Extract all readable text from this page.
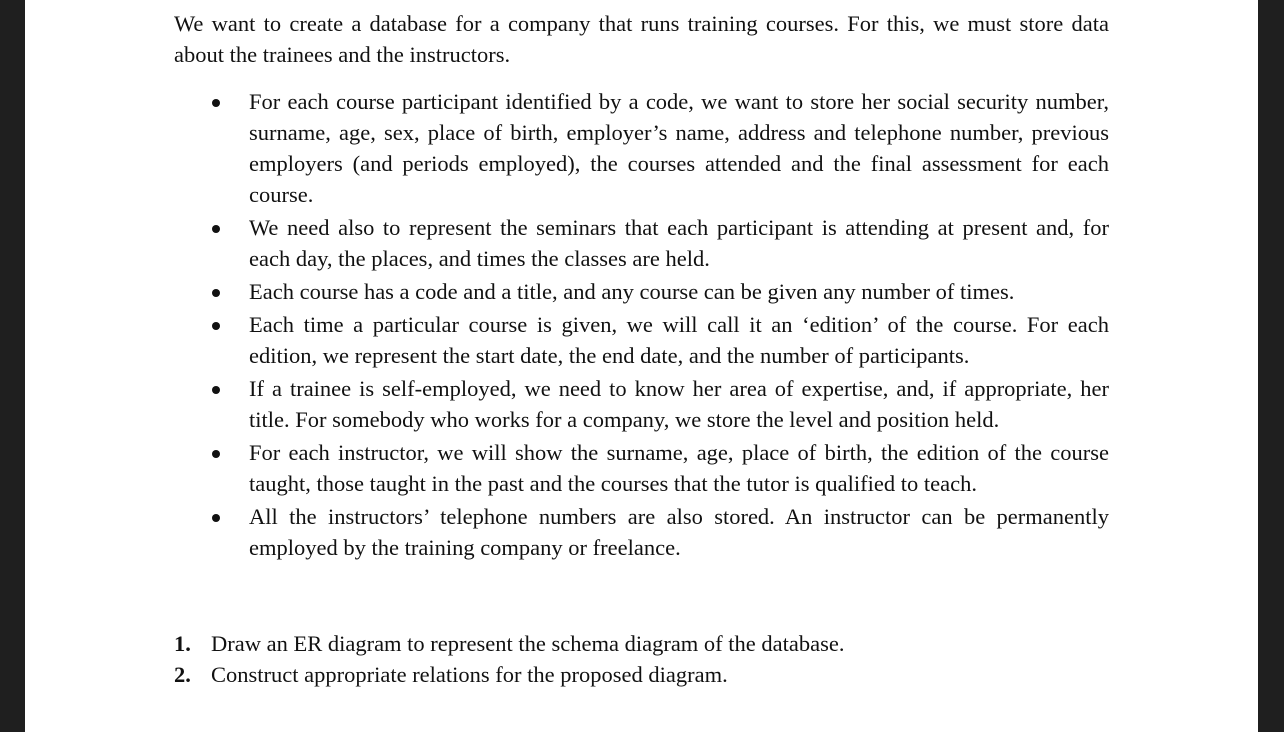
We want to create a database for a company that runs training courses. For this, we must store data about the trainees and the instructors.

For each course participant identified by a code, we want to store her social security number, surname, age, sex, place of birth, employer’s name, address and telephone number, previous employers (and periods employed), the courses attended and the final assessment for each course.
We need also to represent the seminars that each participant is attending at present and, for each day, the places, and times the classes are held.
Each course has a code and a title, and any course can be given any number of times.
Each time a particular course is given, we will call it an ‘edition’ of the course. For each edition, we represent the start date, the end date, and the number of participants.
If a trainee is self-employed, we need to know her area of expertise, and, if appropriate, her title. For somebody who works for a company, we store the level and position held.
For each instructor, we will show the surname, age, place of birth, the edition of the course taught, those taught in the past and the courses that the tutor is qualified to teach.
All the instructors’ telephone numbers are also stored. An instructor can be permanently employed by the training company or freelance.
1. Draw an ER diagram to represent the schema diagram of the database.
2. Construct appropriate relations for the proposed diagram.
